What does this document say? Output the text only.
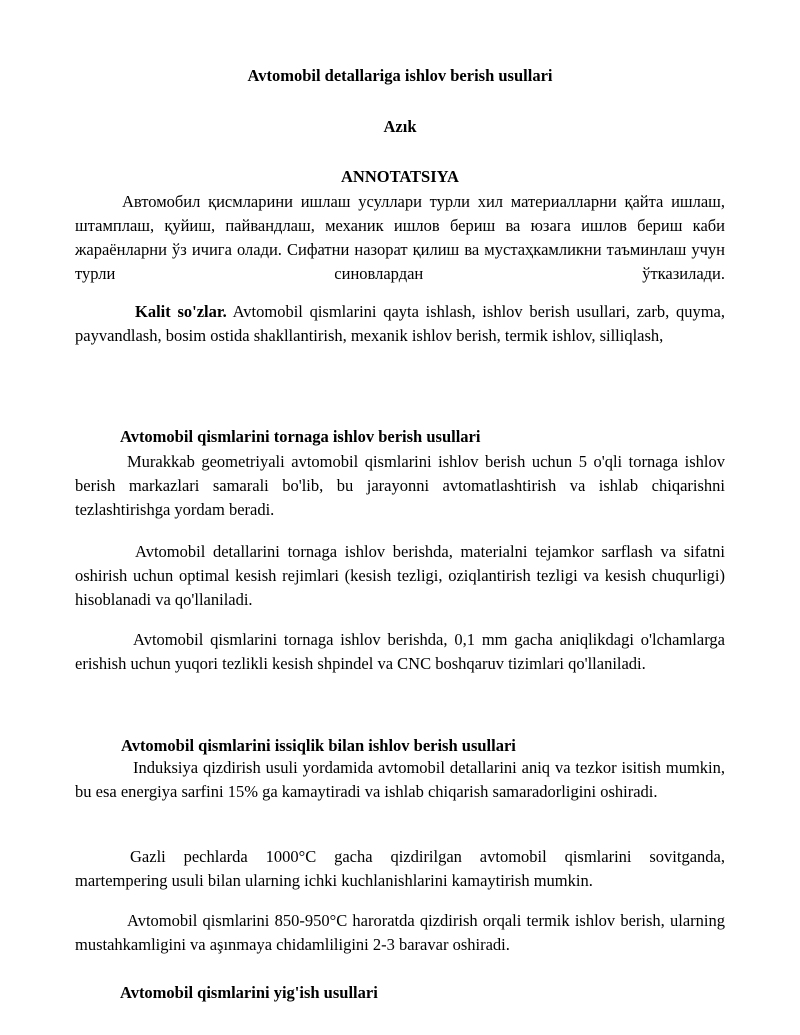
Avtomobil detallariga ishlov berish usullari
Azık
ANNOTATSIYA
Автомобил қисмларини ишлаш усуллари турли хил материалларни қайта ишлаш, штамплаш, қуйиш, пайвандлаш, механик ишлов бериш ва юзага ишлов бериш каби жараёнларни ўз ичига олади. Сифатни назорат қилиш ва мустаҳкамликни таъминлаш учун турли синовлардан ўтказилади.
Kalit so'zlar. Avtomobil qismlarini qayta ishlash, ishlov berish usullari, zarb, quyma, payvandlash, bosim ostida shakllantirish, mexanik ishlov berish, termik ishlov, silliqlash,
Avtomobil qismlarini tornaga ishlov berish usullari
Murakkab geometriyali avtomobil qismlarini ishlov berish uchun 5 o'qli tornaga ishlov berish markazlari samarali bo'lib, bu jarayonni avtomatlashtirish va ishlab chiqarishni tezlashtirishga yordam beradi.
Avtomobil detallarini tornaga ishlov berishda, materialni tejamkor sarflash va sifatni oshirish uchun optimal kesish rejimlari (kesish tezligi, oziqlantirish tezligi va kesish chuqurligi) hisoblanadi va qo'llaniladi.
Avtomobil qismlarini tornaga ishlov berishda, 0,1 mm gacha aniqlikdagi o'lchamlarga erishish uchun yuqori tezlikli kesish shpindel va CNC boshqaruv tizimlari qo'llaniladi.
Avtomobil qismlarini issiqlik bilan ishlov berish usullari
Induksiya qizdirish usuli yordamida avtomobil detallarini aniq va tezkor isitish mumkin, bu esa energiya sarfini 15% ga kamaytiradi va ishlab chiqarish samaradorligini oshiradi.
Gazli pechlarda 1000°C gacha qizdirilgan avtomobil qismlarini sovitganda, martempering usuli bilan ularning ichki kuchlanishlarini kamaytirish mumkin.
Avtomobil qismlarini 850-950°C haroratda qizdirish orqali termik ishlov berish, ularning mustahkamligini va aşınmaya chidamliligini 2-3 baravar oshiradi.
Avtomobil qismlarini yig'ish usullari
